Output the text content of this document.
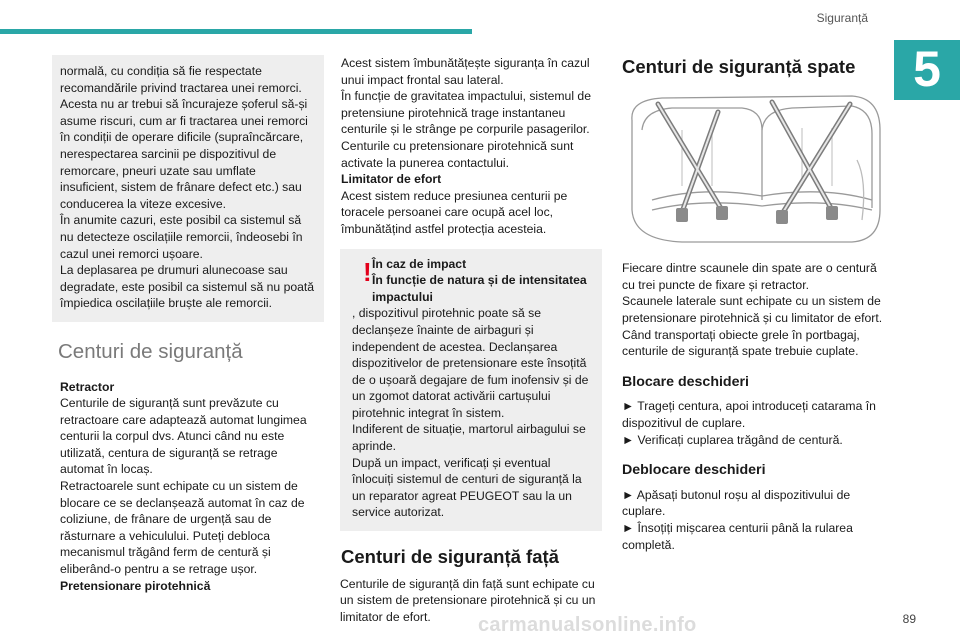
Siguranță
5

normală, cu condiția să fie respectate recomandările privind tractarea unei remorci. Acesta nu ar trebui să încurajeze șoferul să-și asume riscuri, cum ar fi tractarea unei remorci în condiții de operare dificile (supraîncărcare, nerespectarea sarcinii pe dispozitivul de remorcare, pneuri uzate sau umflate insuficient, sistem de frânare defect etc.) sau conducerea la viteze excesive.

În anumite cazuri, este posibil ca sistemul să nu detecteze oscilațiile remorcii, îndeosebi în cazul unei remorci ușoare.

La deplasarea pe drumuri alunecoase sau degradate, este posibil ca sistemul să nu poată împiedica oscilațiile bruște ale remorcii.

Centuri de siguranță

Retractor

Centurile de siguranță sunt prevăzute cu retractoare care adaptează automat lungimea centurii la corpul dvs. Atunci când nu este utilizată, centura de siguranță se retrage automat în locaș.

Retractoarele sunt echipate cu un sistem de blocare ce se declanșează automat în caz de coliziune, de frânare de urgență sau de răsturnare a vehiculului. Puteți debloca mecanismul trăgând ferm de centură și eliberând-o pentru a se retrage ușor.

Pretensionare pirotehnică

Acest sistem îmbunătățește siguranța în cazul unui impact frontal sau lateral.

În funcție de gravitatea impactului, sistemul de pretensiune pirotehnică trage instantaneu centurile și le strânge pe corpurile pasagerilor.

Centurile cu pretensionare pirotehnică sunt activate la punerea contactului.

Limitator de efort

Acest sistem reduce presiunea centurii pe toracele persoanei care ocupă acel loc, îmbunătățind astfel protecția acesteia.

! În caz de impact

În funcție de natura și de intensitatea impactului

, dispozitivul pirotehnic poate să se declanșeze înainte de airbaguri și independent de acestea. Declanșarea dispozitivelor de pretensionare este însoțită de o ușoară degajare de fum inofensiv și de un zgomot datorat activării cartușului pirotehnic integrat în sistem.

Indiferent de situație, martorul airbagului se aprinde.

După un impact, verificați și eventual înlocuiți sistemul de centuri de siguranță la un reparator agreat PEUGEOT sau la un service autorizat.

Centuri de siguranță față

Centurile de siguranță din față sunt echipate cu un sistem de pretensionare pirotehnică și cu un limitator de efort.

Centuri de siguranță spate

Fiecare dintre scaunele din spate are o centură cu trei puncte de fixare și retractor.

Scaunele laterale sunt echipate cu un sistem de pretensionare pirotehnică și cu limitator de efort.

Când transportați obiecte grele în portbagaj, centurile de siguranță spate trebuie cuplate.

Blocare deschideri

► Trageți centura, apoi introduceți catarama în dispozitivul de cuplare.

► Verificați cuplarea trăgând de centură.

Deblocare deschideri

► Apăsați butonul roșu al dispozitivului de cuplare.

► Însoțiți mișcarea centurii până la rularea completă.

89
carmanualsonline.info
